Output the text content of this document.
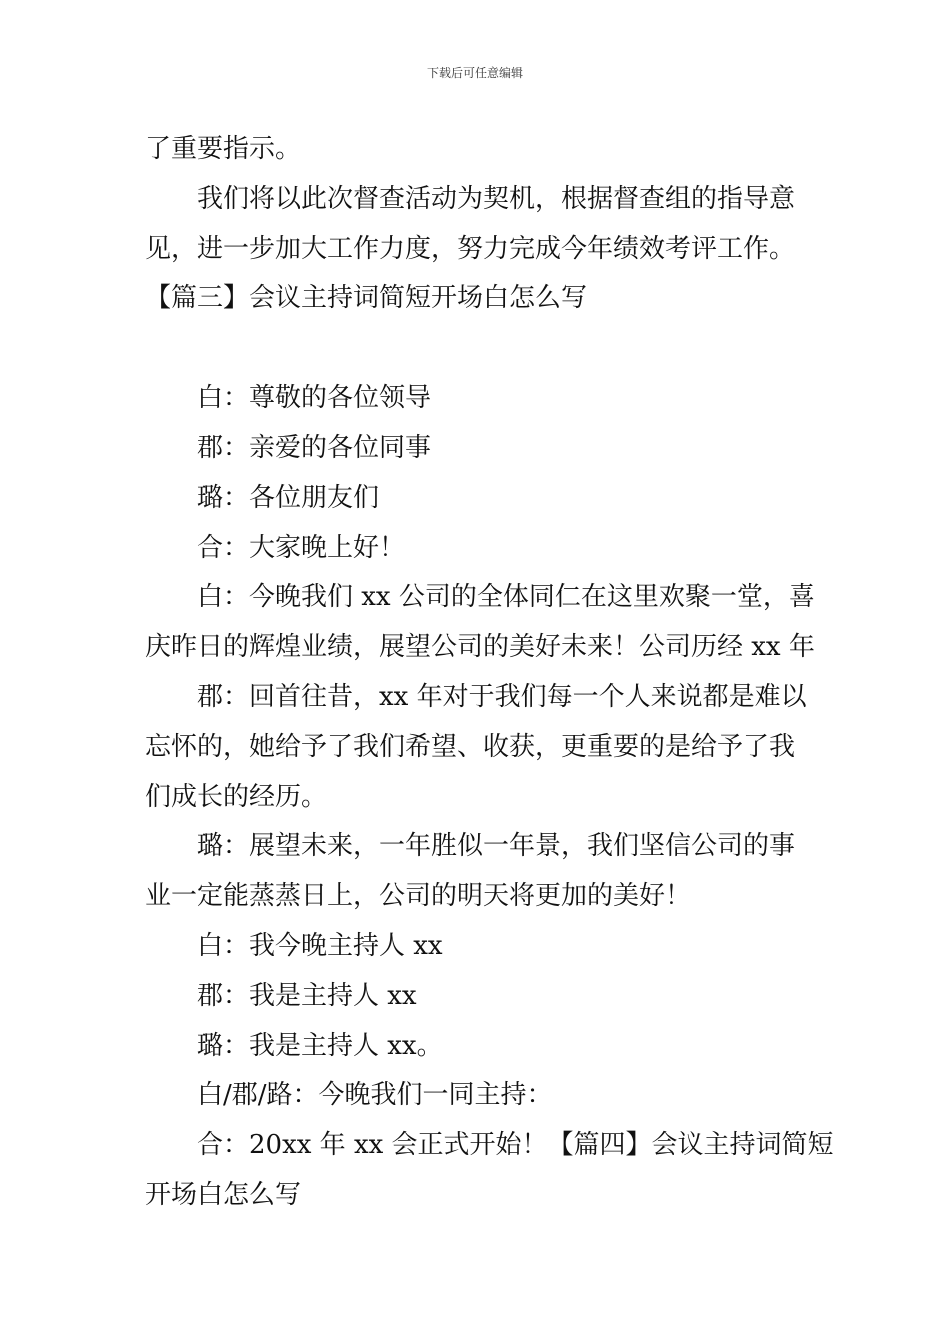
下载后可任意编辑
了重要指示。
我们将以此次督查活动为契机，根据督查组的指导意
见，进一步加大工作力度，努力完成今年绩效考评工作。
【篇三】会议主持词简短开场白怎么写
白：尊敬的各位领导
郡：亲爱的各位同事
璐：各位朋友们
合：大家晚上好！
白：今晚我们 xx 公司的全体同仁在这里欢聚一堂，喜
庆昨日的辉煌业绩，展望公司的美好未来！公司历经 xx 年
郡：回首往昔，xx 年对于我们每一个人来说都是难以
忘怀的，她给予了我们希望、收获，更重要的是给予了我
们成长的经历。
璐：展望未来，一年胜似一年景，我们坚信公司的事
业一定能蒸蒸日上，公司的明天将更加的美好！
白：我今晚主持人 xx
郡：我是主持人 xx
璐：我是主持人 xx。
白/郡/路：今晚我们一同主持：
合：20xx 年 xx 会正式开始！【篇四】会议主持词简短
开场白怎么写
